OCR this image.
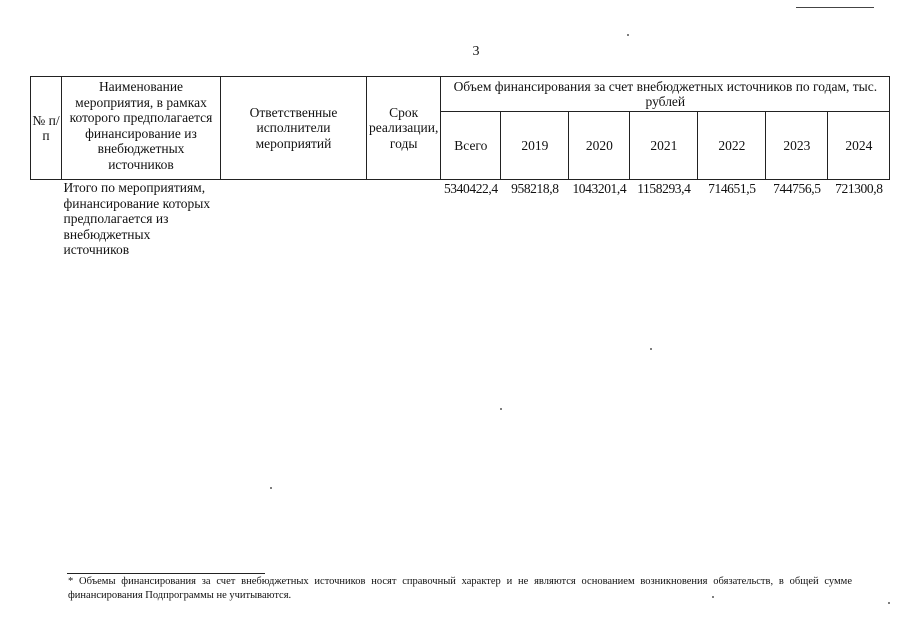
3
№ п/п	Наименование мероприятия, в рамках которого предполагается финансирование из внебюджетных источников	Ответственные исполнители мероприятий	Срок реализации, годы	Объем финансирования за счет внебюджетных источников по годам, тыс. рублей						
				Всего	2019	2020	2021	2022	2023	2024
	Итого по мероприятиям, финансирование которых предполагается из внебюджетных источников			5340422,4	958218,8	1043201,4	1158293,4	714651,5	744756,5	721300,8
* Объемы финансирования за счет внебюджетных источников носят справочный характер и не являются основанием возникновения обязательств, в общей сумме финансирования Подпрограммы не учитываются.
